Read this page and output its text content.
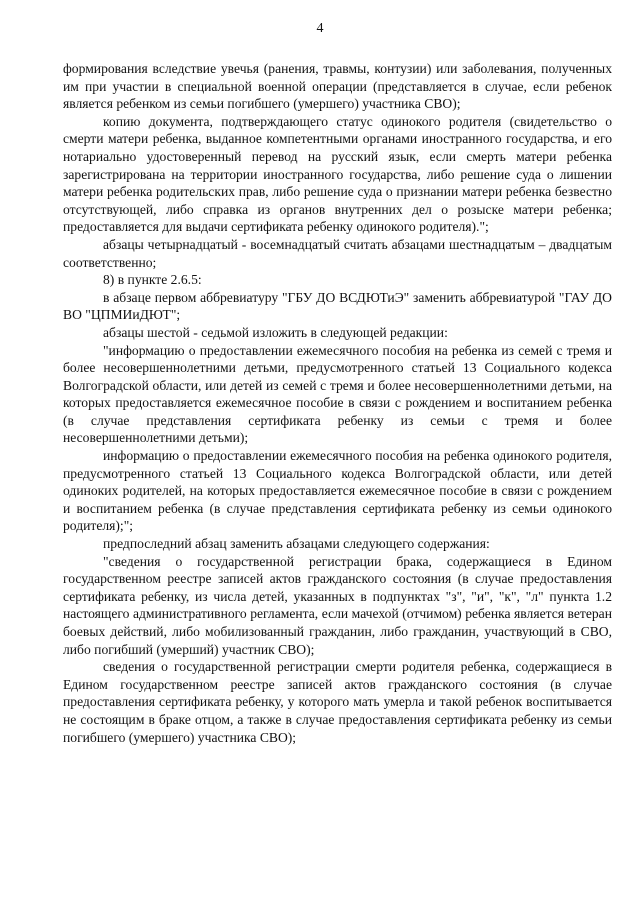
4

формирования вследствие увечья (ранения, травмы, контузии) или заболевания, полученных им при участии в специальной военной операции (представляется в случае, если ребенок является ребенком из семьи погибшего (умершего) участника СВО);

копию документа, подтверждающего статус одинокого родителя (свидетельство о смерти матери ребенка, выданное компетентными органами иностранного государства, и его нотариально удостоверенный перевод на русский язык, если смерть матери ребенка зарегистрирована на территории иностранного государства, либо решение суда о лишении матери ребенка родительских прав, либо решение суда о признании матери ребенка безвестно отсутствующей, либо справка из органов внутренних дел о розыске матери ребенка; предоставляется для выдачи сертификата ребенку одинокого родителя).";

абзацы четырнадцатый - восемнадцатый считать абзацами шестнадцатым – двадцатым соответственно;

8) в пункте 2.6.5:

в абзаце первом аббревиатуру "ГБУ ДО ВСДЮТиЭ" заменить аббревиатурой "ГАУ ДО ВО "ЦПМИиДЮТ";

абзацы шестой - седьмой изложить в следующей редакции:

"информацию о предоставлении ежемесячного пособия на ребенка из семей с тремя и более несовершеннолетними детьми, предусмотренного статьей 13 Социального кодекса Волгоградской области, или детей из семей с тремя и более несовершеннолетними детьми, на которых предоставляется ежемесячное пособие в связи с рождением и воспитанием ребенка (в случае представления сертификата ребенку из семьи с тремя и более несовершеннолетними детьми);

информацию о предоставлении ежемесячного пособия на ребенка одинокого родителя, предусмотренного статьей 13 Социального кодекса Волгоградской области, или детей одиноких родителей, на которых предоставляется ежемесячное пособие в связи с рождением и воспитанием ребенка (в случае представления сертификата ребенку из семьи одинокого родителя);";

предпоследний абзац заменить абзацами следующего содержания:

"сведения о государственной регистрации брака, содержащиеся в Едином государственном реестре записей актов гражданского состояния (в случае предоставления сертификата ребенку, из числа детей, указанных в подпунктах "з", "и", "к", "л" пункта 1.2 настоящего административного регламента, если мачехой (отчимом) ребенка является ветеран боевых действий, либо мобилизованный гражданин, либо гражданин, участвующий в СВО, либо погибший (умерший) участник СВО);

сведения о государственной регистрации смерти родителя ребенка, содержащиеся в Едином государственном реестре записей актов гражданского состояния (в случае предоставления сертификата ребенку, у которого мать умерла и такой ребенок воспитывается не состоящим в браке отцом, а также в случае предоставления сертификата ребенку из семьи погибшего (умершего) участника СВО);
